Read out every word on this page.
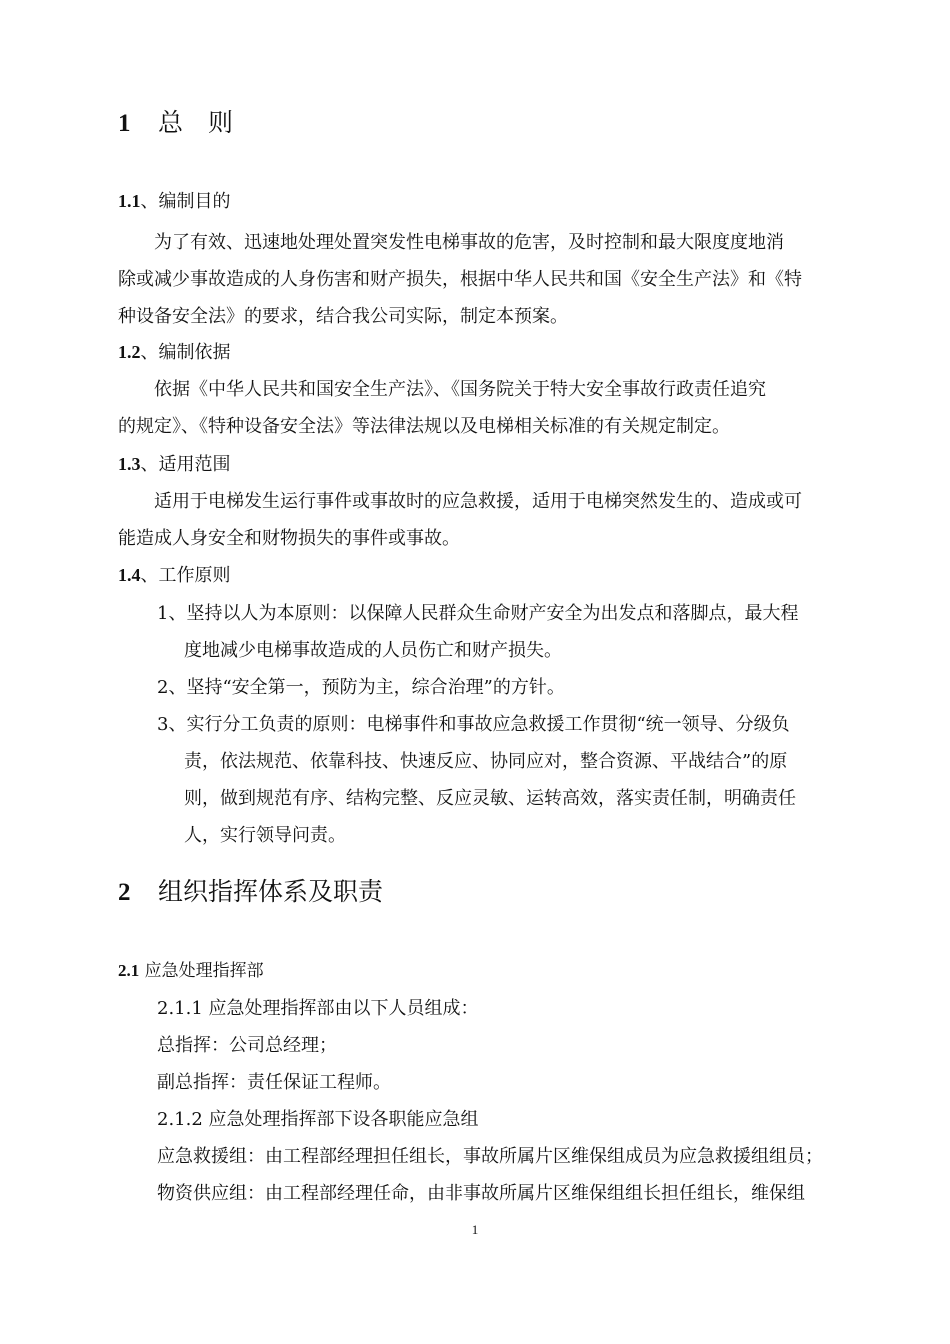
1 总　则
1.1、编制目的
　　为了有效、迅速地处理处置突发性电梯事故的危害，及时控制和最大限度度地消
除或减少事故造成的人身伤害和财产损失，根据中华人民共和国《安全生产法》和《特
种设备安全法》的要求，结合我公司实际，制定本预案。
1.2、编制依据
　　依据《中华人民共和国安全生产法》、《国务院关于特大安全事故行政责任追究
的规定》、《特种设备安全法》等法律法规以及电梯相关标准的有关规定制定。
1.3、适用范围
　　适用于电梯发生运行事件或事故时的应急救援，适用于电梯突然发生的、造成或可
能造成人身安全和财物损失的事件或事故。
1.4、工作原则
1、坚持以人为本原则：以保障人民群众生命财产安全为出发点和落脚点，最大程
度地减少电梯事故造成的人员伤亡和财产损失。
2、坚持“安全第一，预防为主，综合治理”的方针。
3、实行分工负责的原则：电梯事件和事故应急救援工作贯彻“统一领导、分级负
责，依法规范、依靠科技、快速反应、协同应对，整合资源、平战结合”的原
则，做到规范有序、结构完整、反应灵敏、运转高效，落实责任制，明确责任
人，实行领导问责。
2 组织指挥体系及职责
2.1 应急处理指挥部
2.1.1 应急处理指挥部由以下人员组成：
总指挥：公司总经理；
副总指挥：责任保证工程师。
2.1.2 应急处理指挥部下设各职能应急组
应急救援组：由工程部经理担任组长，事故所属片区维保组成员为应急救援组组员；
物资供应组：由工程部经理任命，由非事故所属片区维保组组长担任组长，维保组
1
